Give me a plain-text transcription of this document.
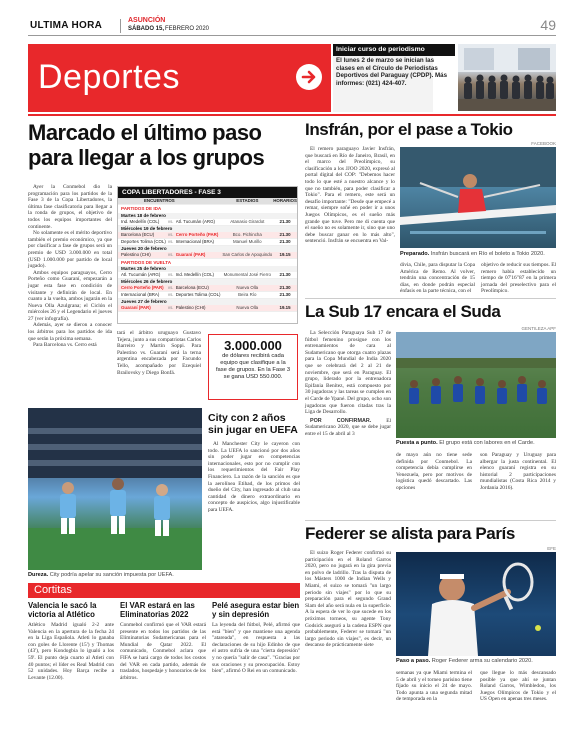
ULTIMA HORA	ASUNCIÓN
SÁBADO 15, FEBRERO 2020	49
Deportes
Iniciar curso de periodismo
El lunes 2 de marzo se inician las clases en el Círculo de Periodistas Deportivos del Paraguay (CPDP). Más informes: (021) 424-407.
Marcado el último paso para llegar a los grupos

Ayer la Conmebol dio la programación para los partidos de la Fase 3 de la Copa Libertadores, la última fase clasificatoria para llegar a la ronda de grupos, el objetivo de todos los equipos importantes del continente.

No solamente es el mérito deportivo también el premio económico, ya que por clasificar a fase de grupos será un premio de USD 3.000.000 en total (USD 1.000.000 por partido de local jugado).

Ambos equipos paraguayos, Cerro Porteño como Guaraní, empezarán a jugar esta fase en condición de visitante y definirán de local. En cuanto a la vuelta, ambos jugarán en la Nueva Olla Azulgrana; el Ciclón el miércoles 26 y el Legendario el jueves 27 (ver infografía).

Además, ayer se dieron a conocer los árbitros para los partidos de ida que serán la próxima semana.

Para Barcelona vs. Cerro está

COPA LIBERTADORES - FASE 3
ENCUENTROS	ESTADIOS	HORARIOS
PARTIDOS DE IDA
Martes 18 de febrero
Ind. Medellín (COL)	vs. Atl. Tucumán (ARG)	Atanasio Girardot	21.30
Miércoles 19 de febrero
Barcelona (ECU)	vs. Cerro Porteño (PAR)	Bco. Pichincha	21.30
Deportes Tolima (COL) vs. Internacional (BRA)	Manuel Murillo	21.30
Jueves 20 de febrero
Palestino (CHI)	vs. Guaraní (PAR)	San Carlos de Apoquindo	19.15
PARTIDOS DE VUELTA
Martes 25 de febrero
Atl. Tucumán (ARG)	vs. Ind. Medellín (COL)	Monumental José Fierro	21.30
Miércoles 26 de febrero
Cerro Porteño (PAR) vs. Barcelona (ECU)	Nueva Olla	21.30
Internacional (BRA)	vs. Deportes Tolima (COL)	Beira Río	21.30
Jueves 27 de febrero
Guaraní (PAR)	vs. Palestino (CHI)	Nueva Olla	19.15

tará el árbitro uruguayo Gustavo Tejera, junto a sus compatriotas Carlos Barreiro y Martín Soppi. Para Palestino vs. Guaraní será la terna argentina encabezada por Facundo Tello, acompañado por Ezequiel Brailovsky y Diego Bonfá.

3.000.000
de dólares recibirá cada equipo que clasifique a la fase de grupos. En la Fase 3 se gana USD 550.000.
Dureza. City podría apelar su sanción impuesta por UEFA.
City con 2 años sin jugar en UEFA

Al Manchester City le cayeron con todo. La UEFA lo sancionó por dos años sin poder jugar en competencias internacionales, esto por no cumplir con los requerimientos del Fair Play Financiero. La razón de la sanción es que la aerolínea Etihad, de los primos del dueño del City, han ingresado al club una cantidad de dinero extraordinario en concepto de auspicios, algo injustificable para UEFA.

Cortitas
Valencia le sacó la victoria al Atlético
Atlético Madrid igualó 2-2 ante Valencia en la apertura de la fecha 24 en la Liga Española. Atleti lo ganaba con goles de Llorente (15') y Thomas (43'), pero Kondogbia lo igualó a los 59'. El punto deja cuarto al Atleti con 40 puntos; el líder es Real Madrid con 52 unidades. Hoy Barça recibe a Levante (12.00).
El VAR estará en las Eliminatorias 2022
Conmebol confirmó que el VAR estará presente en todos los partidos de las Eliminatorias Sudamericanas para el Mundial de Qatar 2022. El comunicado, Conmebol aclara que FIFA se hará cargo de todos los costos del VAR en cada partido, además de traslados, hospedaje y honorarios de los árbitros.
Pelé asegura estar bien y sin depresión
La leyenda del fútbol, Pelé, afirmó que está "bien" y que mantiene una agenda "atareada", en respuesta a las declaraciones de su hijo Edinho de que el astro sufría de una "cierta depresión" y no quería "salir de casa". "Gracias por sus oraciones y su preocupación. Estoy bien", afirmó O Rei en un comunicado.
Insfrán, por el pase a Tokio

El remero paraguayo Javier Insfrán, que buscará en Río de Janeiro, Brasil, en el marco del Preolímpico, su clasificación a los JJOO 2020, expresó al portal digital del COP: "Debemos hacer todo lo que esté a nuestro alcance y lo que no también, para poder clasificar a Tokio". Para el remero, este será un desafío importante: "Desde que empecé a remar, siempre soñé en poder ir a unos Juegos Olímpicos, es el sueño más grande que tuve. Pero me di cuenta que el sueño no es solamente ir, sino que uno debe buscar ganar en lo más alto", sentenció. Insfrán se encuentra en Val-

FACEBOOK
Preparado. Insfrán buscará en Río el boleto a Tokio 2020.

divia, Chile, para disputar la Copa América de Remo. Al volver, tendrán una concentración de 15 días, en donde podrán especial énfasis en la parte técnica, con el

objetivo de reducir sus tiempos. El remero había establecido un tiempo de 07'16"87 en la primera jornada del preselectivo para el Preolímpico.

La Sub 17 encara el Suda
GENTILEZA APF

La Selección Paraguaya Sub 17 de fútbol femenino prosigue con los entrenamientos de cara al Sudamericano que otorga cuatro plazas para la Copa Mundial de India 2020 que se celebrará del 2 al 21 de noviembre, que será en Paraguay. El grupo, liderado por la entrenadora Epifania Benítez, está compuesto por 30 jugadoras y las tareas se cumplen en el Carde de Ypané. Del grupo, ocho son jugadoras que fueron citadas tras la Liga de Desarrollo.

POR CONFIRMAR.	El Sudamericano 2020, que se debe jugar entre el 15 de abril al 3

Puesta a punto. El grupo está con labores en el Carde.

de mayo aún no tiene sede definida por Conmebol. La competencia debía cumplirse en Venezuela, pero por motivos de logística quedó descartado. Las opciones

son Paraguay y Uruguay para albergar la justa continental. El elenco guaraní registra en su historial 2 participaciones mundialistas (Costa Rica 2014 y Jordania 2016).

Federer se alista para París
EFE

El suizo Roger Federer confirmó su participación en el Roland Garros 2020, pero no jugará en la gira previa en polvo de ladrillo. Tras la disputa de los Másters 1000 de Indian Wells y Miami, el suizo se tomará "un largo periodo sin viajes" por lo que su preparación para el segundo Grand Slam del año será nula en la superficie. A la espera de ver lo que sucede en los próximos torneos, su agente Tony Godsick aseguró a la cadena ESPN que probablemente, Federer se tomará "un largo periodo sin viajes", es decir, un descanso de prácticamente siete

Paso a paso. Roger Federer arma su calendario 2020.

semanas ya que Miami termina el 5 de abril y el torneo parisino tiene fijado su inicio el 24 de mayo. Todo apunta a una segunda mitad de temporada en la

que llegue lo más descansado posible ya que ahí se juntan Roland Garros, Wimbledon, los Juegos Olímpicos de Tokio y el US Open en apenas tres meses.
